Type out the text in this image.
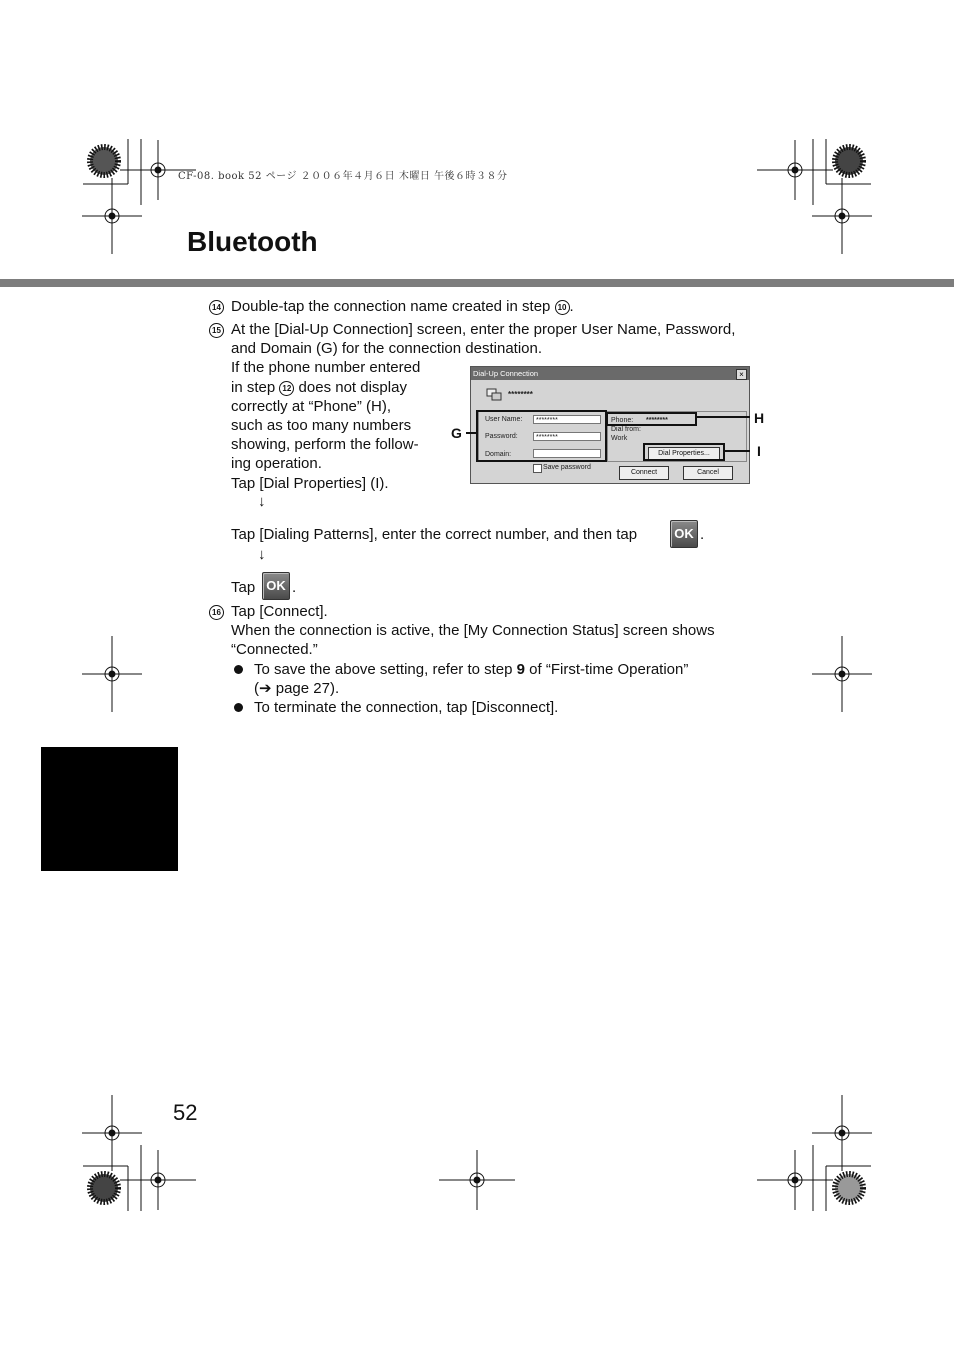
CF-08. book 52 ページ ２００６年４月６日 木曜日 午後６時３８分
Bluetooth
14 Double-tap the connection name created in step 10 .
15 At the [Dial-Up Connection] screen, enter the proper User Name, Password,
and Domain (G) for the connection destination.
If the phone number entered
in step 12 does not display
correctly at “Phone” (H),
such as too many numbers
showing, perform the follow-
ing operation.
Tap [Dial Properties] (I).
↓
Tap [Dialing Patterns], enter the correct number, and then tap	OK .
↓
Tap OK .
Dial-Up Connection	×
********
User Name:	********
Password:	********
Domain:
Save password
Phone: ********
Dial from:
Work
Dial Properties...
Connect	Cancel
G
H
I
16 Tap [Connect].
When the connection is active, the [My Connection Status] screen shows
“Connected.”
To save the above setting, refer to step 9 of “First-time Operation”
(➔ page 27).
To terminate the connection, tap [Disconnect].
52
